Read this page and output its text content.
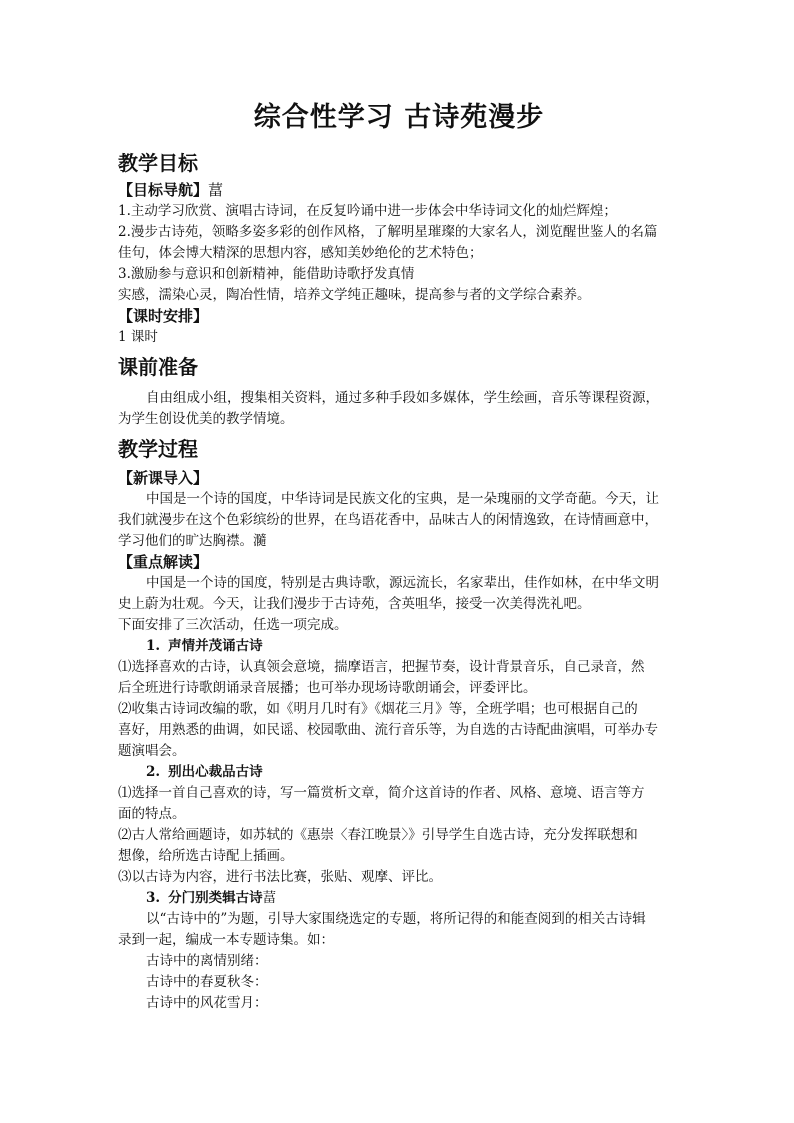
综合性学习 古诗苑漫步
教学目标
【目标导航】葍

1.主动学习欣赏、演唱古诗词，在反复吟诵中进一步体会中华诗词文化的灿烂辉煌；

2.漫步古诗苑，领略多姿多彩的创作风格，了解明星璀璨的大家名人，浏览醒世鉴人的名篇

佳句，体会博大精深的思想内容，感知美妙绝伦的艺术特色；

3.激励参与意识和创新精神，能借助诗歌抒发真情

实感，濡染心灵，陶冶性情，培养文学纯正趣味，提高参与者的文学综合素养。

【课时安排】

1 课时

课前准备

自由组成小组，搜集相关资料，通过多种手段如多媒体，学生绘画，音乐等课程资源，

为学生创设优美的教学情境。

教学过程
【新课导入】

中国是一个诗的国度，中华诗词是民族文化的宝典，是一朵瑰丽的文学奇葩。今天，让

我们就漫步在这个色彩缤纷的世界，在鸟语花香中，品味古人的闲情逸致，在诗情画意中，

学习他们的旷达胸襟。瀡

【重点解读】

中国是一个诗的国度，特别是古典诗歌，源远流长，名家辈出，佳作如林，在中华文明

史上蔚为壮观。今天，让我们漫步于古诗苑，含英咀华，接受一次美得洗礼吧。

下面安排了三次活动，任选一项完成。

1. 声情并茂诵古诗

⑴选择喜欢的古诗，认真领会意境，揣摩语言，把握节奏，设计背景音乐，自己录音，然

后全班进行诗歌朗诵录音展播；也可举办现场诗歌朗诵会，评委评比。

⑵收集古诗词改编的歌，如《明月几时有》《烟花三月》等，全班学唱；也可根据自己的

喜好，用熟悉的曲调，如民谣、校园歌曲、流行音乐等，为自选的古诗配曲演唱，可举办专

题演唱会。

2. 别出心裁品古诗

⑴选择一首自己喜欢的诗，写一篇赏析文章，简介这首诗的作者、风格、意境、语言等方

面的特点。

⑵古人常给画题诗，如苏轼的《惠崇〈春江晚景〉》引导学生自选古诗，充分发挥联想和

想像，给所选古诗配上插画。

⑶以古诗为内容，进行书法比赛，张贴、观摩、评比。

3. 分门别类辑古诗葍

以“古诗中的”为题，引导大家围绕选定的专题，将所记得的和能查阅到的相关古诗辑

录到一起，编成一本专题诗集。如：

古诗中的离情别绪：

古诗中的春夏秋冬：

古诗中的风花雪月：
